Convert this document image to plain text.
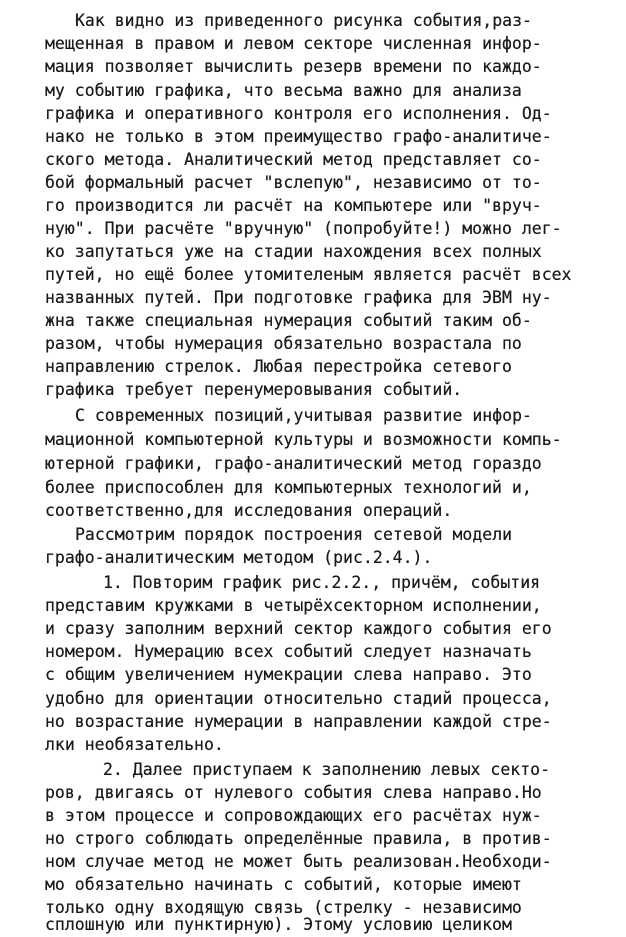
Как видно из приведенного рисунка события,раз-
мещенная в правом и левом секторе численная инфор-
мация позволяет вычислить резерв времени по каждо-
му событию графика, что весьма важно для анализа
графика и оперативного контроля его исполнения. Од-
нако не только в этом преимущество графо-аналитиче-
ского метода. Аналитический метод представляет со-
бой формальный расчет "вслепую", независимо от то-
го производится ли расчёт на компьютере или "вруч-
ную". При расчёте "вручную" (попробуйте!) можно лег-
ко запутаться уже на стадии нахождения всех полных
путей, но ещё более утомителеным является расчёт всех
названных путей. При подготовке графика для ЭВМ ну-
жна также специальная нумерация событий таким об-
разом, чтобы нумерация обязательно возрастала по
направлению стрелок. Любая перестройка сетевого
графика требует перенумеровывания событий.
С современных позиций,учитывая развитие инфор-
мационной компьютерной культуры и возможности компь-
ютерной графики, графо-аналитический метод гораздо
более приспособлен для компьютерных технологий и,
соответственно,для исследования операций.
Рассмотрим порядок построения сетевой модели
графо-аналитическим методом (рис.2.4.).
1. Повторим график рис.2.2., причём, события
представим кружками в четырёхсекторном исполнении,
и сразу заполним верхний сектор каждого события его
номером. Нумерацию всех событий следует назначать
с общим увеличением нумекрации слева направо. Это
удобно для ориентации относительно стадий процесса,
но возрастание нумерации в направлении каждой стре-
лки необязательно.
2. Далее приступаем к заполнению левых секто-
ров, двигаясь от нулевого события слева направо.Но
в этом процессе и сопровождающих его расчётах нуж-
но строго соблюдать определённые правила, в против-
ном случае метод не может быть реализован.Необходи-
мо обязательно начинать с событий, которые имеют
только одну входящую связь (стрелку - независимо
сплошную или пунктирную). Этому условию целиком
